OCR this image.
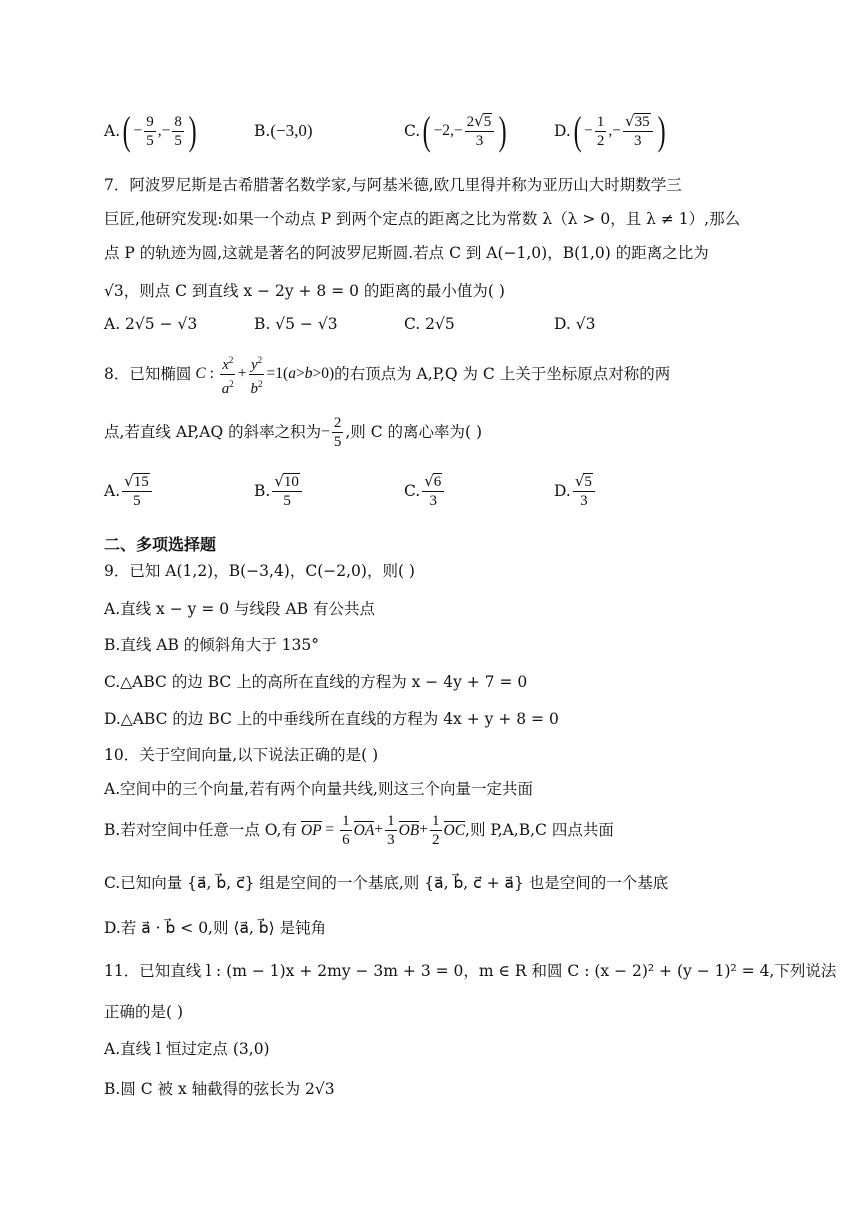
A. ( − $\frac{9}{5}$ ,− $\frac{8}{5}$ )	B. (−3,0)	C. ( $-2,- \frac{2√5}{3}$ )	D. ( − $\frac{1}{2}$ ,− $\frac{√35}{3}$ )
7．阿波罗尼斯是古希腊著名数学家,与阿基米德,欧几里得并称为亚历山大时期数学三
巨匠,他研究发现:如果一个动点 P 到两个定点的距离之比为常数 λ（λ > 0，且 λ ≠ 1）,那么
点 P 的轨迹为圆,这就是著名的阿波罗尼斯圆.若点 C 到 A(−1,0)，B(1,0) 的距离之比为
√3，则点 C 到直线 x − 2y + 8 = 0 的距离的最小值为( )
A. 2√5 − √3	B. √5 − √3	C. 2√5	D. √3
8．已知椭圆 C : $\frac{x^2}{a^2} + \frac{y^2}{b^2} =1$ ( a > b >0) 的右顶点为 A,P,Q 为 C 上关于坐标原点对称的两
点,若直线 AP,AQ 的斜率之积为 − $\frac{2}{5}$ ,则 C 的离心率为( )
A. $\frac{√15}{5}$	B. $\frac{√10}{5}$	C. $\frac{√6}{3}$	D. $\frac{√5}{3}$
二、多项选择题
9．已知 A(1,2)，B(−3,4)，C(−2,0)，则( )
A.直线 x − y = 0 与线段 AB 有公共点
B.直线 AB 的倾斜角大于 135°
C.△ABC 的边 BC 上的高所在直线的方程为 x − 4y + 7 = 0
D.△ABC 的边 BC 上的中垂线所在直线的方程为 4x + y + 8 = 0
10．关于空间向量,以下说法正确的是( )
A.空间中的三个向量,若有两个向量共线,则这三个向量一定共面
B.若对空间中任意一点 O,有 OP = $\frac{1}{6}$ OA + $\frac{1}{3}$ OB + $\frac{1}{2}$ OC ,则 P,A,B,C 四点共面
C.已知向量 {a⃗, b⃗, c⃗} 组是空间的一个基底,则 {a⃗, b⃗, c⃗ + a⃗} 也是空间的一个基底
D.若 a⃗ · b⃗ < 0,则 ⟨a⃗, b⃗⟩ 是钝角
11．已知直线 l : (m − 1)x + 2my − 3m + 3 = 0，m ∈ R 和圆 C : (x − 2)² + (y − 1)² = 4,下列说法
正确的是( )
A.直线 l 恒过定点 (3,0)
B.圆 C 被 x 轴截得的弦长为 2√3
